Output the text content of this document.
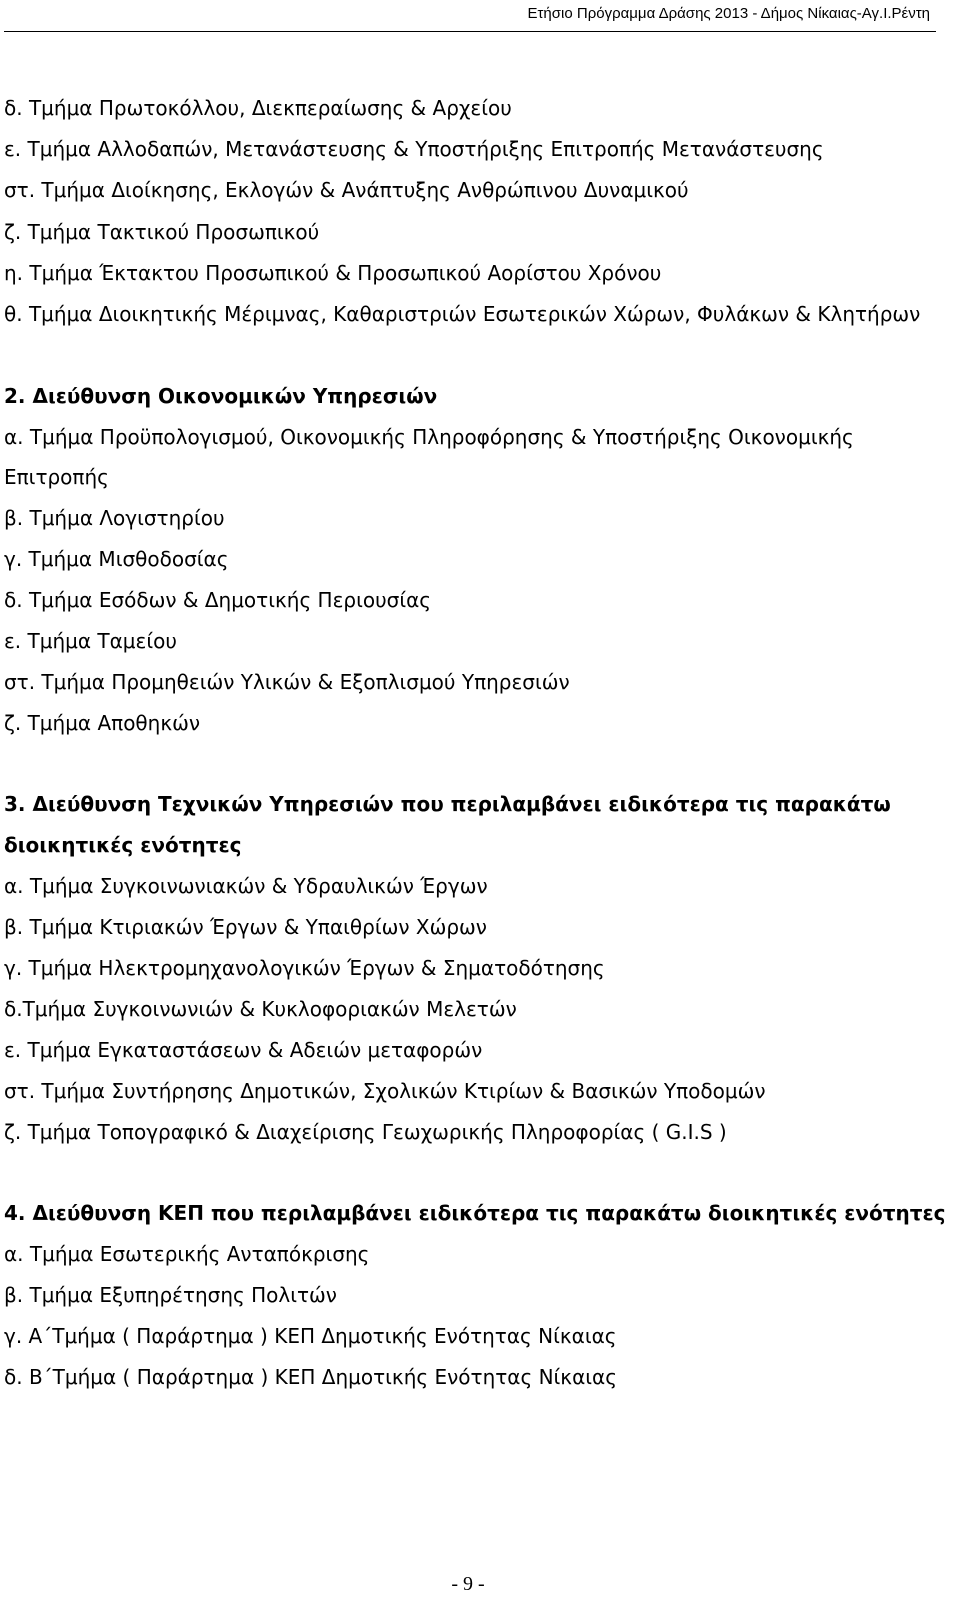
Ετήσιο Πρόγραμμα Δράσης 2013 - Δήμος Νίκαιας-Αγ.Ι.Ρέντη
δ. Τμήμα Πρωτοκόλλου, Διεκπεραίωσης & Αρχείου
ε. Τμήμα Αλλοδαπών, Μετανάστευσης & Υποστήριξης Επιτροπής Μετανάστευσης
στ. Τμήμα Διοίκησης, Εκλογών & Ανάπτυξης Ανθρώπινου Δυναμικού
ζ. Τμήμα Τακτικού Προσωπικού
η. Τμήμα Έκτακτου Προσωπικού & Προσωπικού Αορίστου Χρόνου
θ. Τμήμα Διοικητικής Μέριμνας, Καθαριστριών Εσωτερικών Χώρων, Φυλάκων & Κλητήρων
2. Διεύθυνση Οικονομικών Υπηρεσιών
α. Τμήμα Προϋπολογισμού, Οικονομικής Πληροφόρησης & Υποστήριξης Οικονομικής
Επιτροπής
β. Τμήμα Λογιστηρίου
γ. Τμήμα Μισθοδοσίας
δ. Τμήμα Εσόδων & Δημοτικής Περιουσίας
ε. Τμήμα Ταμείου
στ. Τμήμα Προμηθειών Υλικών & Εξοπλισμού Υπηρεσιών
ζ. Τμήμα Αποθηκών
3. Διεύθυνση Τεχνικών Υπηρεσιών που περιλαμβάνει ειδικότερα τις παρακάτω
διοικητικές ενότητες
α. Τμήμα Συγκοινωνιακών & Υδραυλικών Έργων
β. Τμήμα Κτιριακών Έργων & Υπαιθρίων Χώρων
γ. Τμήμα Ηλεκτρομηχανολογικών Έργων & Σηματοδότησης
δ.Τμήμα Συγκοινωνιών & Κυκλοφοριακών Μελετών
ε. Τμήμα Εγκαταστάσεων & Αδειών μεταφορών
στ. Τμήμα Συντήρησης Δημοτικών, Σχολικών Κτιρίων & Βασικών Υποδομών
ζ. Τμήμα Τοπογραφικό & Διαχείρισης Γεωχωρικής Πληροφορίας ( G.I.S )
4. Διεύθυνση ΚΕΠ που περιλαμβάνει ειδικότερα τις παρακάτω διοικητικές ενότητες
α. Τμήμα Εσωτερικής Ανταπόκρισης
β. Τμήμα Εξυπηρέτησης Πολιτών
γ. Α΄Τμήμα ( Παράρτημα ) ΚΕΠ Δημοτικής Ενότητας Νίκαιας
δ. Β΄Τμήμα ( Παράρτημα ) ΚΕΠ Δημοτικής Ενότητας Νίκαιας
- 9 -
